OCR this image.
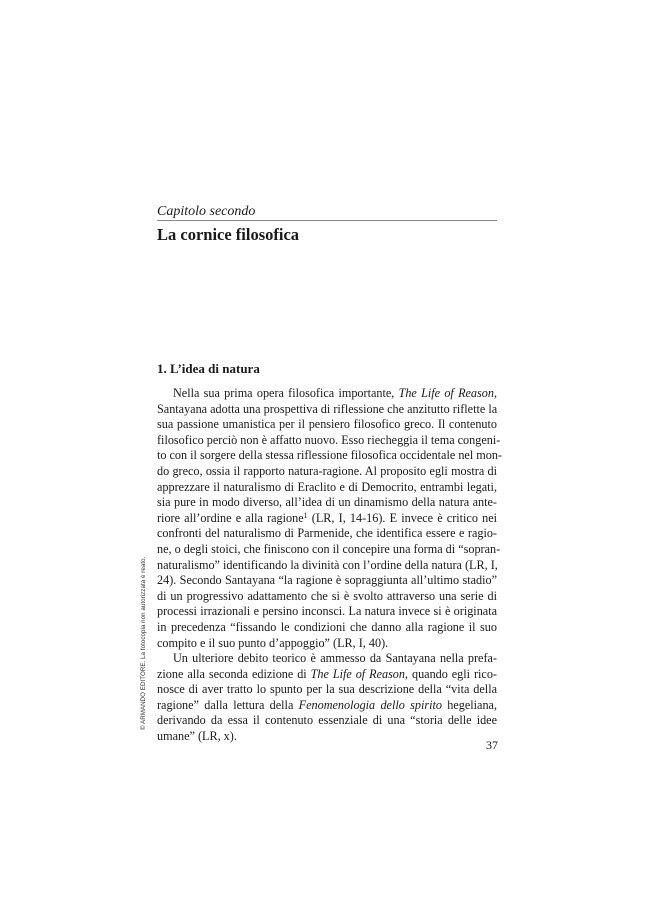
Capitolo secondo

La cornice filosofica
1. L’idea di natura
Nella sua prima opera filosofica importante, The Life of Reason,
Santayana adotta una prospettiva di riflessione che anzitutto riflette la
sua passione umanistica per il pensiero filosofico greco. Il contenuto
filosofico perciò non è affatto nuovo. Esso riecheggia il tema congeni-
to con il sorgere della stessa riflessione filosofica occidentale nel mon-
do greco, ossia il rapporto natura-ragione. Al proposito egli mostra di
apprezzare il naturalismo di Eraclito e di Democrito, entrambi legati,
sia pure in modo diverso, all’idea di un dinamismo della natura ante-
riore all’ordine e alla ragione$^1$ (LR, I, 14-16). E invece è critico nei
confronti del naturalismo di Parmenide, che identifica essere e ragio-
ne, o degli stoici, che finiscono con il concepire una forma di “sopran-
naturalismo” identificando la divinità con l’ordine della natura (LR, I,
24). Secondo Santayana “la ragione è sopraggiunta all’ultimo stadio”
di un progressivo adattamento che si è svolto attraverso una serie di
processi irrazionali e persino inconsci. La natura invece si è originata
in precedenza “fissando le condizioni che danno alla ragione il suo
compito e il suo punto d’appoggio” (LR, I, 40).
Un ulteriore debito teorico è ammesso da Santayana nella prefa-
zione alla seconda edizione di The Life of Reason, quando egli rico-
nosce di aver tratto lo spunto per la sua descrizione della “vita della
ragione” dalla lettura della Fenomenologia dello spirito hegeliana,
derivando da essa il contenuto essenziale di una “storia delle idee
umane” (LR, x).

37

© ARMANDO EDITORE. La fotocopia non autorizzata è reato.
